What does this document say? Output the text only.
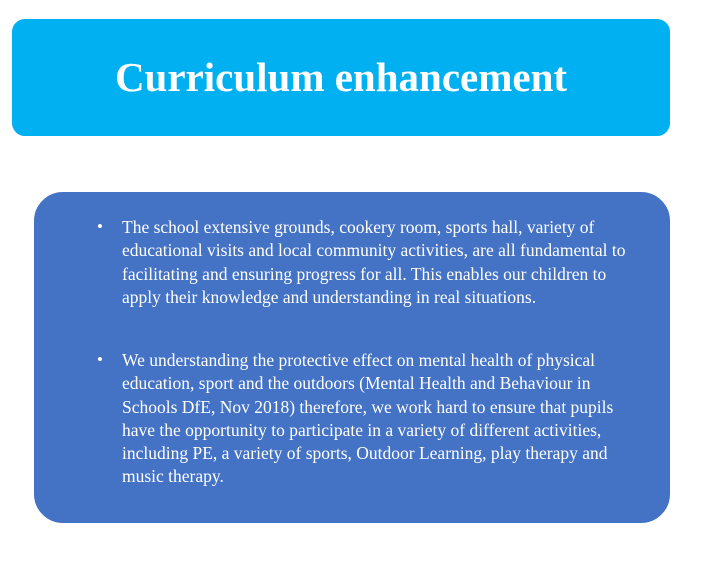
Curriculum enhancement
• The school extensive grounds, cookery room, sports hall, variety of educational visits and local community activities, are all fundamental to facilitating and ensuring progress for all. This enables our children to apply their knowledge and understanding in real situations.
• We understanding the protective effect on mental health of physical education, sport and the outdoors (Mental Health and Behaviour in Schools DfE, Nov 2018) therefore, we work hard to ensure that pupils have the opportunity to participate in a variety of different activities, including PE, a variety of sports, Outdoor Learning, play therapy and music therapy.
